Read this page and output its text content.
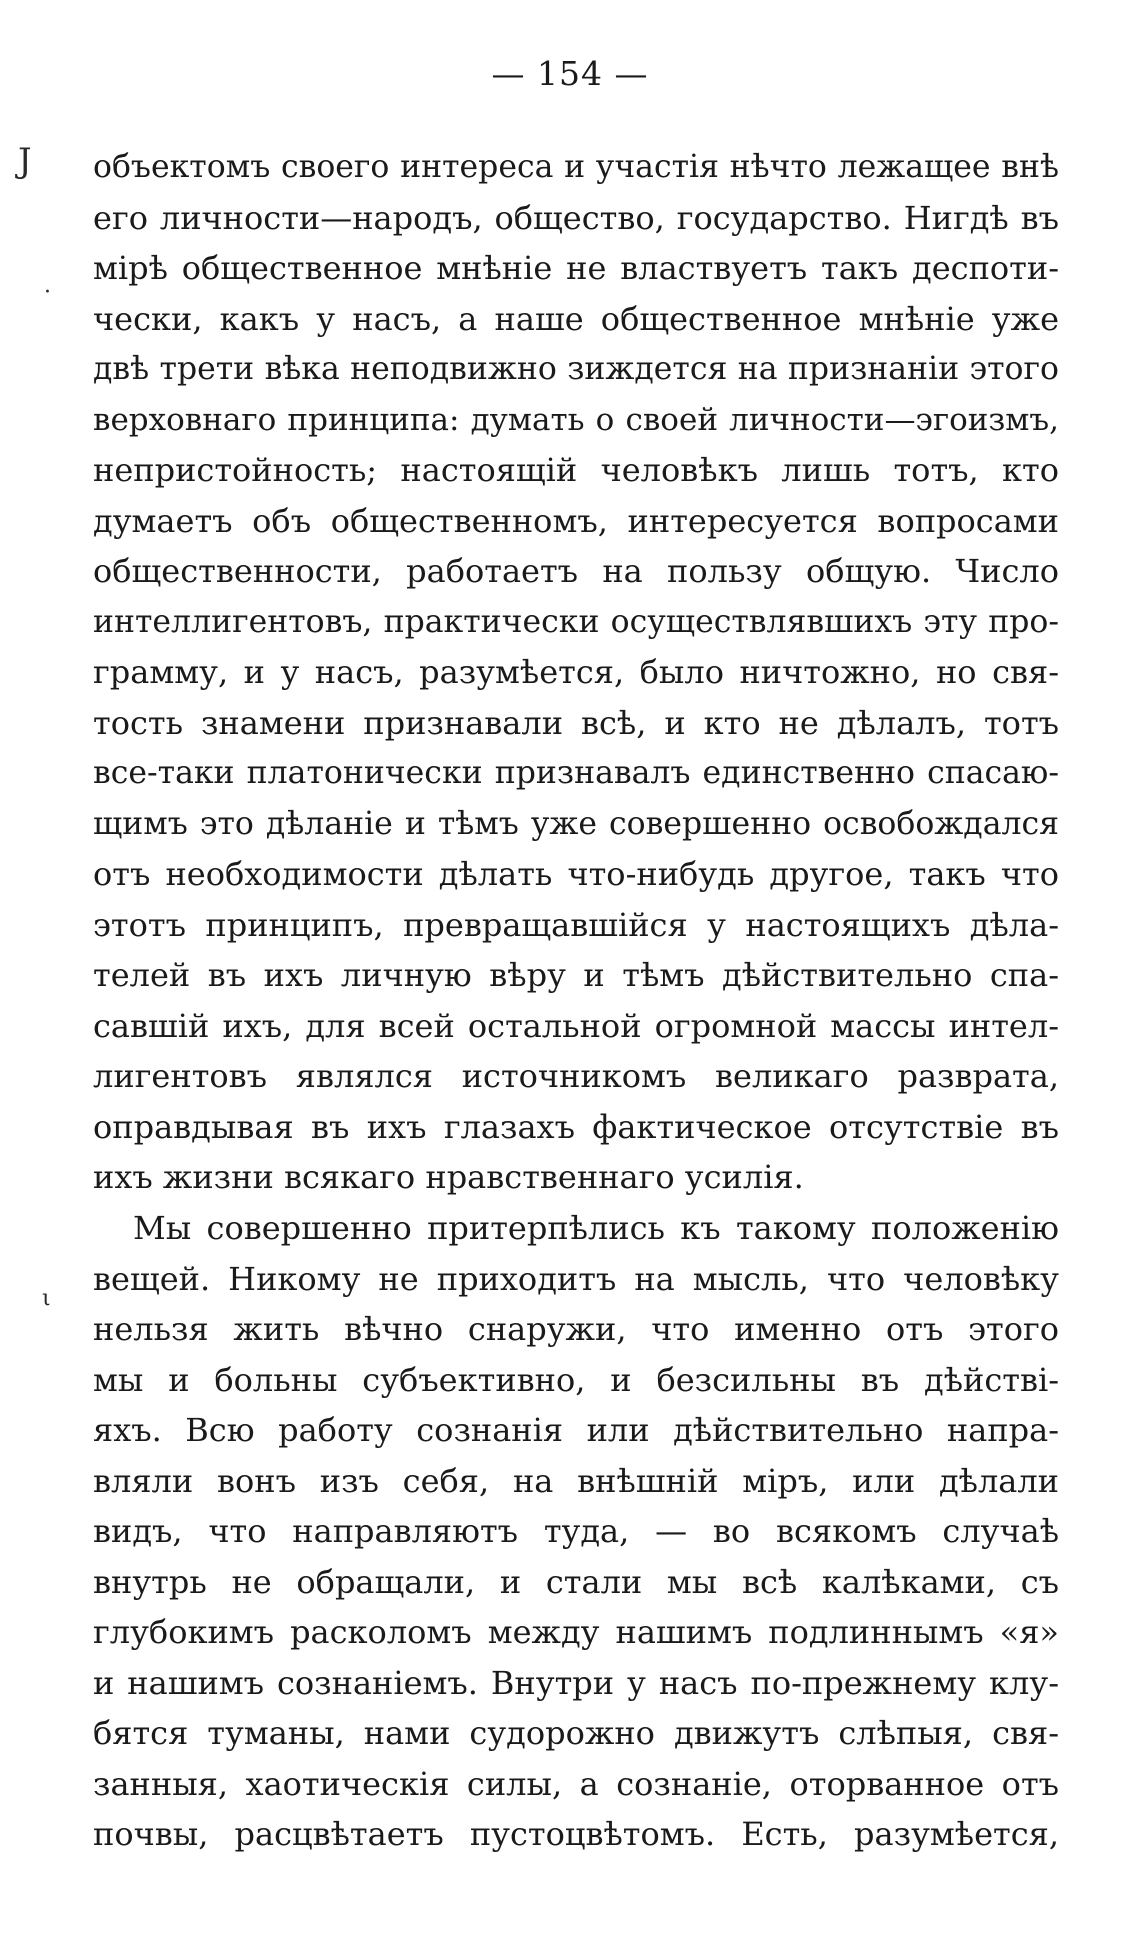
— 154 —
J
·
ι
объектомъ своего интереса и участія нѣчто лежащее внѣ
его личности—народъ, общество, государство. Нигдѣ въ
мірѣ общественное мнѣніе не властвуетъ такъ деспоти-
чески, какъ у насъ, а наше общественное мнѣніе уже
двѣ трети вѣка неподвижно зиждется на признаніи этого
верховнаго принципа: думать о своей личности—эгоизмъ,
непристойность; настоящій человѣкъ лишь тотъ, кто
думаетъ объ общественномъ, интересуется вопросами
общественности, работаетъ на пользу общую. Число
интеллигентовъ, практически осуществлявшихъ эту про-
грамму, и у насъ, разумѣется, было ничтожно, но свя-
тость знамени признавали всѣ, и кто не дѣлалъ, тотъ
все-таки платонически признавалъ единственно спасаю-
щимъ это дѣланіе и тѣмъ уже совершенно освобождался
отъ необходимости дѣлать что-нибудь другое, такъ что
этотъ принципъ, превращавшійся у настоящихъ дѣла-
телей въ ихъ личную вѣру и тѣмъ дѣйствительно спа-
савшій ихъ, для всей остальной огромной массы интел-
лигентовъ являлся источникомъ великаго разврата,
оправдывая въ ихъ глазахъ фактическое отсутствіе въ
ихъ жизни всякаго нравственнаго усилія.
Мы совершенно притерпѣлись къ такому положенію
вещей. Никому не приходитъ на мысль, что человѣку
нельзя жить вѣчно снаружи, что именно отъ этого
мы и больны субъективно, и безсильны въ дѣйстві-
яхъ. Всю работу сознанія или дѣйствительно напра-
вляли вонъ изъ себя, на внѣшній міръ, или дѣлали
видъ, что направляютъ туда, — во всякомъ случаѣ
внутрь не обращали, и стали мы всѣ калѣками, съ
глубокимъ расколомъ между нашимъ подлиннымъ «я»
и нашимъ сознаніемъ. Внутри у насъ по-прежнему клу-
бятся туманы, нами судорожно движутъ слѣпыя, свя-
занныя, хаотическія силы, а сознаніе, оторванное отъ
почвы, расцвѣтаетъ пустоцвѣтомъ. Есть, разумѣется,
